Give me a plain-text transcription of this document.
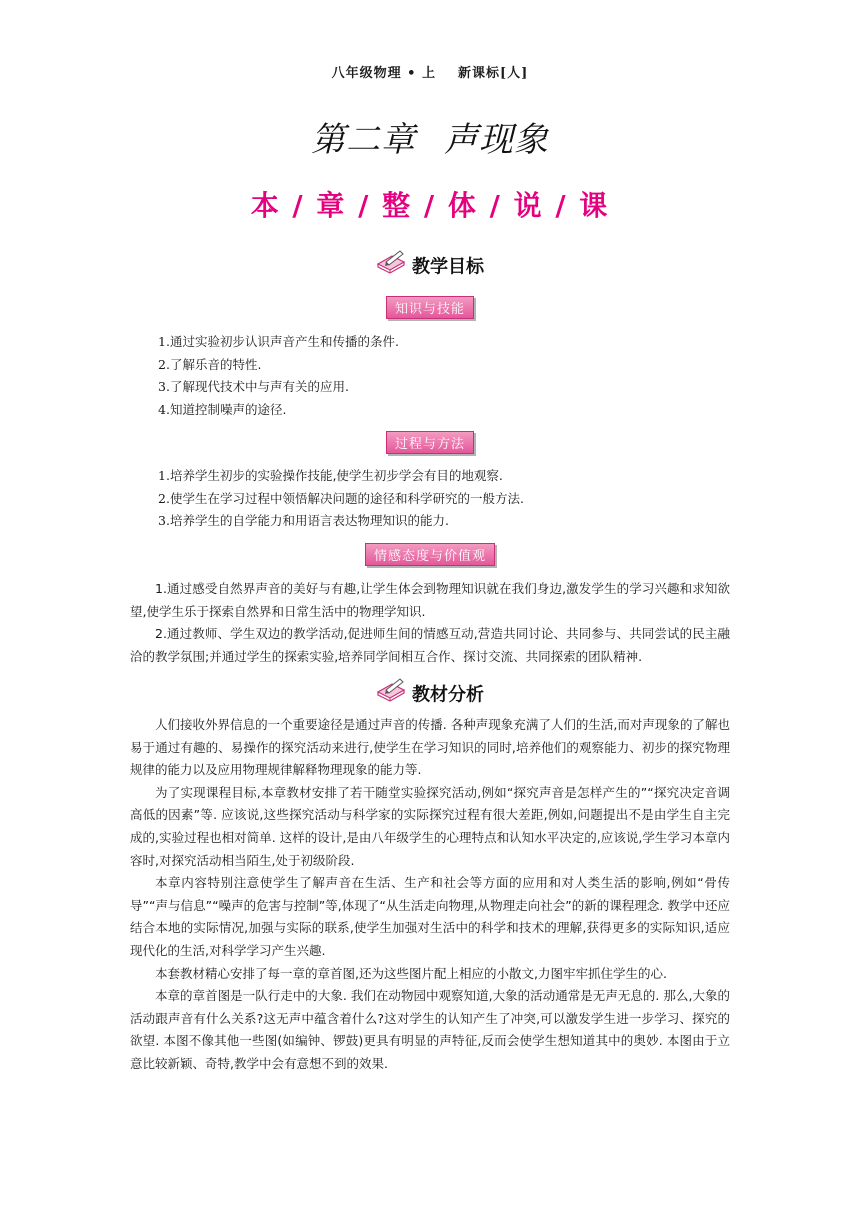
八年级物理 • 上 新课标[人]
第二章 声现象
本 / 章 / 整 / 体 / 说 / 课
教学目标
知识与技能
1.通过实验初步认识声音产生和传播的条件.
2.了解乐音的特性.
3.了解现代技术中与声有关的应用.
4.知道控制噪声的途径.
过程与方法
1.培养学生初步的实验操作技能,使学生初步学会有目的地观察.
2.使学生在学习过程中领悟解决问题的途径和科学研究的一般方法.
3.培养学生的自学能力和用语言表达物理知识的能力.
情感态度与价值观

1.通过感受自然界声音的美好与有趣,让学生体会到物理知识就在我们身边,激发学生的学习兴趣和求知欲望,使学生乐于探索自然界和日常生活中的物理学知识.

2.通过教师、学生双边的教学活动,促进师生间的情感互动,营造共同讨论、共同参与、共同尝试的民主融洽的教学氛围;并通过学生的探索实验,培养同学间相互合作、探讨交流、共同探索的团队精神.

教材分析

人们接收外界信息的一个重要途径是通过声音的传播. 各种声现象充满了人们的生活,而对声现象的了解也易于通过有趣的、易操作的探究活动来进行,使学生在学习知识的同时,培养他们的观察能力、初步的探究物理规律的能力以及应用物理规律解释物理现象的能力等.

为了实现课程目标,本章教材安排了若干随堂实验探究活动,例如“探究声音是怎样产生的”“探究决定音调高低的因素”等. 应该说,这些探究活动与科学家的实际探究过程有很大差距,例如,问题提出不是由学生自主完成的,实验过程也相对简单. 这样的设计,是由八年级学生的心理特点和认知水平决定的,应该说,学生学习本章内容时,对探究活动相当陌生,处于初级阶段.

本章内容特别注意使学生了解声音在生活、生产和社会等方面的应用和对人类生活的影响,例如“骨传导”“声与信息”“噪声的危害与控制”等,体现了“从生活走向物理,从物理走向社会”的新的课程理念. 教学中还应结合本地的实际情况,加强与实际的联系,使学生加强对生活中的科学和技术的理解,获得更多的实际知识,适应现代化的生活,对科学学习产生兴趣.

本套教材精心安排了每一章的章首图,还为这些图片配上相应的小散文,力图牢牢抓住学生的心.

本章的章首图是一队行走中的大象. 我们在动物园中观察知道,大象的活动通常是无声无息的. 那么,大象的活动跟声音有什么关系?这无声中蕴含着什么?这对学生的认知产生了冲突,可以激发学生进一步学习、探究的欲望. 本图不像其他一些图(如编钟、锣鼓)更具有明显的声特征,反而会使学生想知道其中的奥妙. 本图由于立意比较新颖、奇特,教学中会有意想不到的效果.
